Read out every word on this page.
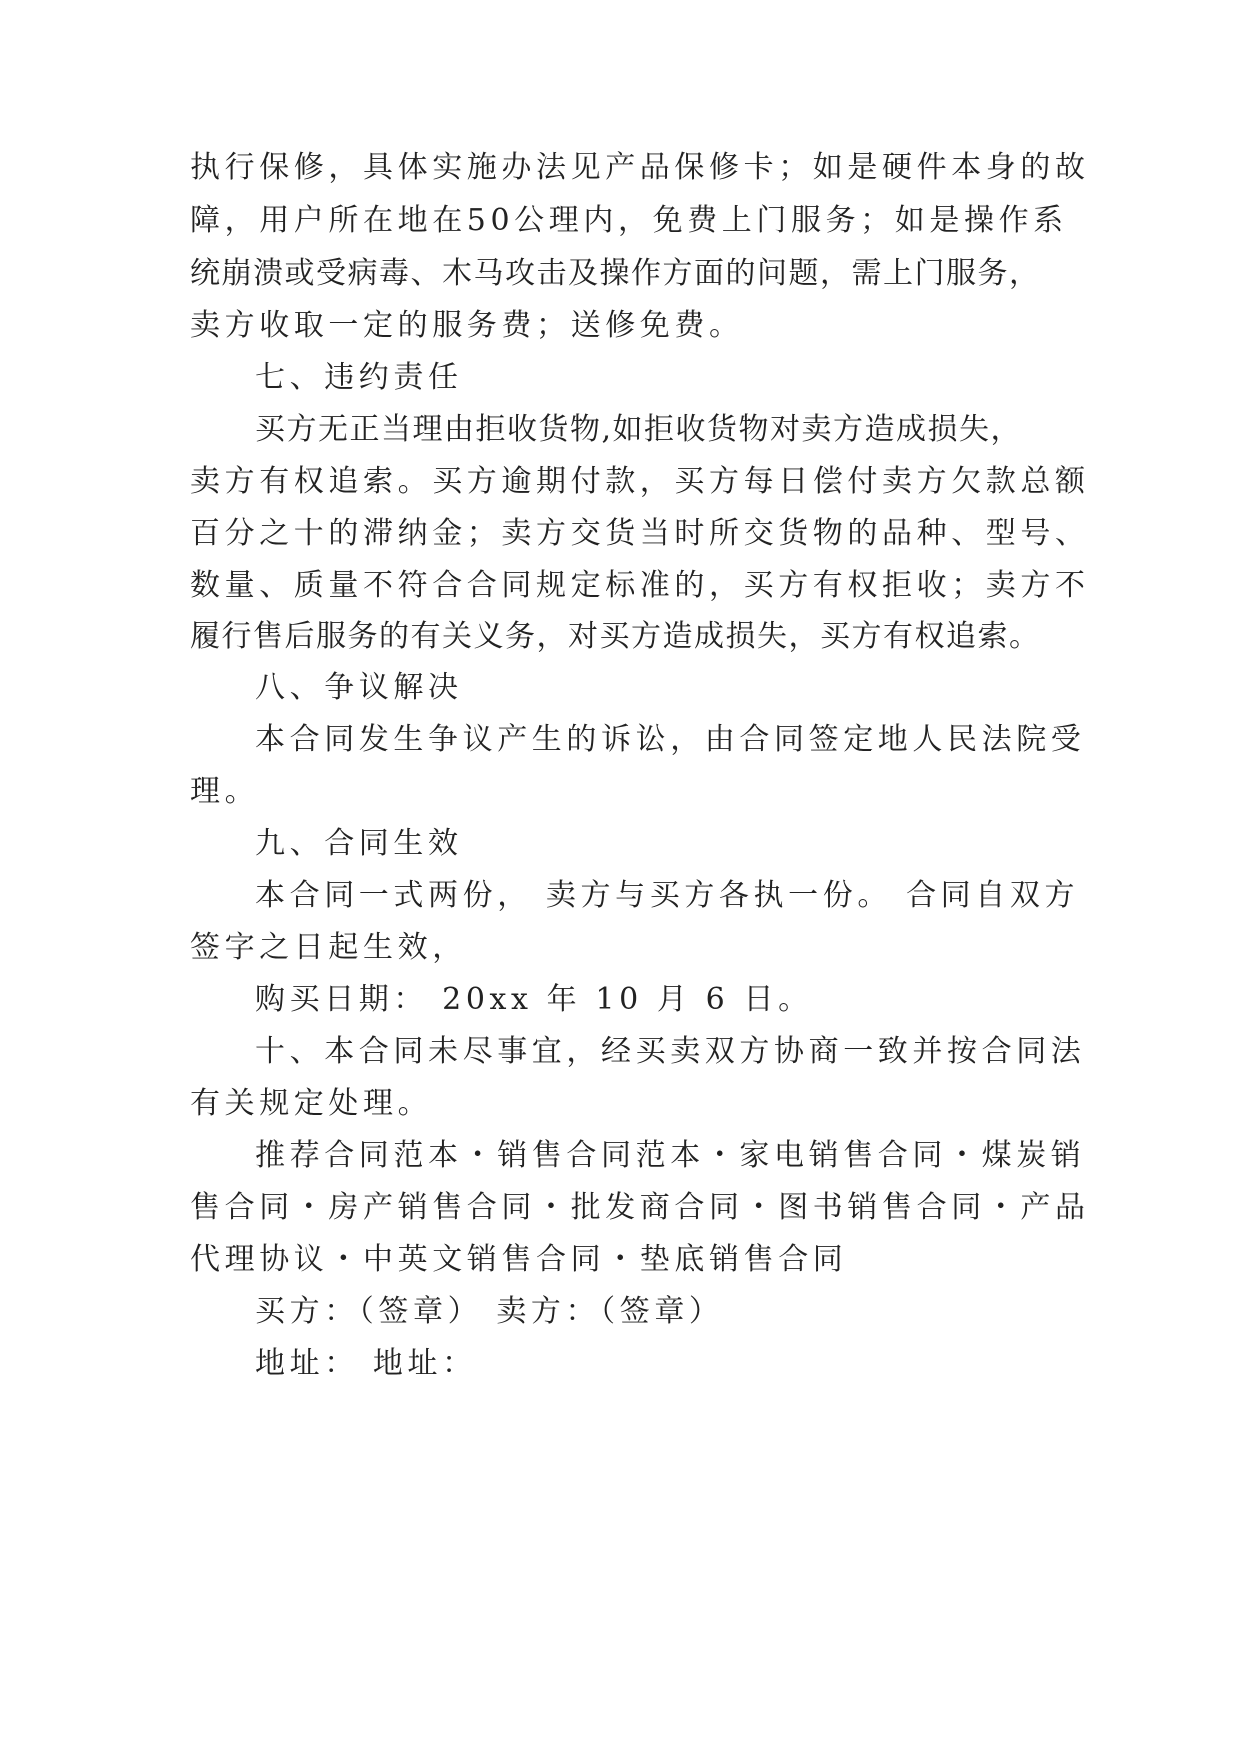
执行保修，具体实施办法见产品保修卡；如是硬件本身的故
障，用户所在地在50公理内，免费上门服务；如是操作系
统崩溃或受病毒、木马攻击及操作方面的问题，需上门服务，
卖方收取一定的服务费；送修免费。
七、违约责任
买方无正当理由拒收货物,如拒收货物对卖方造成损失，
卖方有权追索。买方逾期付款，买方每日偿付卖方欠款总额
百分之十的滞纳金；卖方交货当时所交货物的品种、型号、
数量、质量不符合合同规定标准的，买方有权拒收；卖方不
履行售后服务的有关义务，对买方造成损失，买方有权追索。
八、争议解决
本合同发生争议产生的诉讼，由合同签定地人民法院受
理。
九、合同生效
本合同一式两份， 卖方与买方各执一份。 合同自双方
签字之日起生效，
购买日期： 20xx 年 10 月 6 日。
十、本合同未尽事宜，经买卖双方协商一致并按合同法
有关规定处理。
推荐合同范本・销售合同范本・家电销售合同・煤炭销
售合同・房产销售合同・批发商合同・图书销售合同・产品
代理协议・中英文销售合同・垫底销售合同
买方：（签章） 卖方：（签章）
地址： 地址：
